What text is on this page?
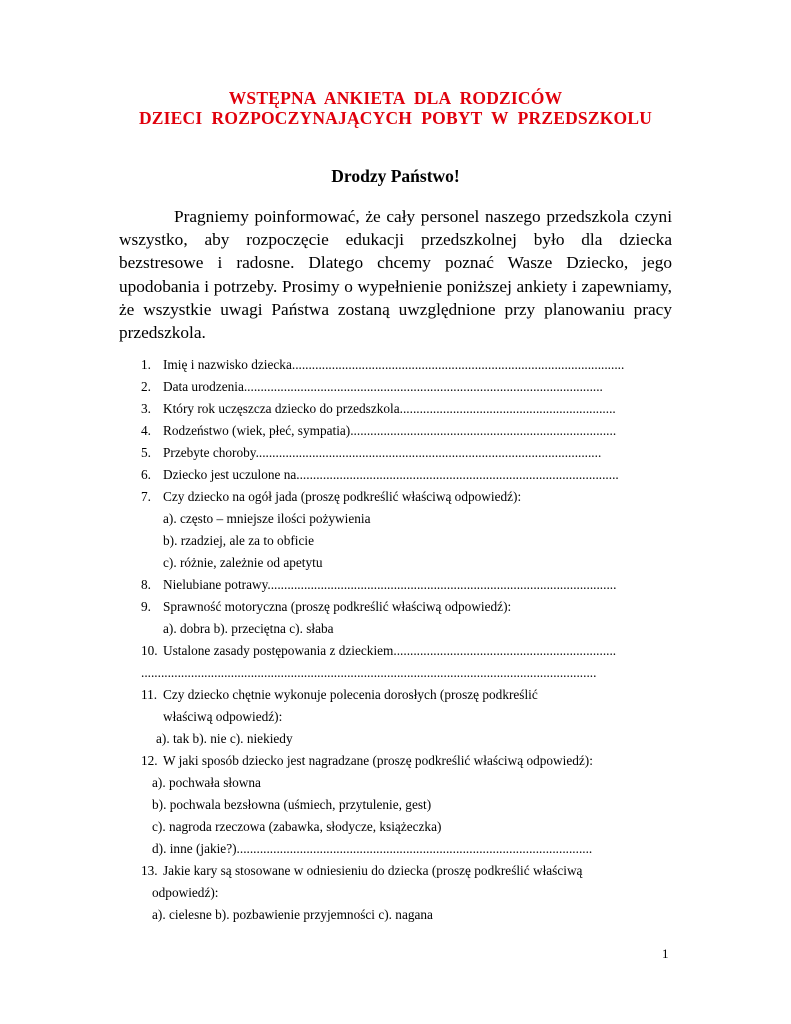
WSTĘPNA  ANKIETA  DLA  RODZICÓW
DZIECI  ROZPOCZYNAJĄCYCH  POBYT  W  PRZEDSZKOLU
Drodzy Państwo!

Pragniemy poinformować, że cały personel naszego przedszkola czyni wszystko, aby rozpoczęcie edukacji przedszkolnej było dla dziecka bezstresowe i radosne. Dlatego chcemy poznać Wasze Dziecko, jego upodobania i potrzeby. Prosimy o wypełnienie poniższej ankiety i zapewniamy, że wszystkie uwagi Państwa zostaną uwzględnione przy planowaniu pracy przedszkola.

1. Imię i nazwisko dziecka....................................................................................................
2. Data urodzenia............................................................................................................
3. Który rok uczęszcza dziecko do przedszkola.................................................................
4. Rodzeństwo (wiek, płeć, sympatia)................................................................................
5. Przebyte choroby........................................................................................................
6. Dziecko jest uczulone na.................................................................................................
7. Czy dziecko na ogół jada (proszę podkreślić właściwą odpowiedź):
a). często – mniejsze ilości pożywienia
b). rzadziej, ale za to obficie
c). różnie, zależnie od apetytu
8. Nielubiane potrawy.........................................................................................................
9. Sprawność motoryczna (proszę podkreślić właściwą odpowiedź):
a). dobra b). przeciętna c). słaba
10. Ustalone zasady postępowania z dzieckiem...................................................................
.........................................................................................................................................
11. Czy dziecko chętnie wykonuje polecenia dorosłych (proszę podkreślić
właściwą odpowiedź):
a). tak b). nie c). niekiedy
12. W jaki sposób dziecko jest nagradzane (proszę podkreślić właściwą odpowiedź):
a). pochwała słowna
b). pochwala bezsłowna (uśmiech, przytulenie, gest)
c). nagroda rzeczowa (zabawka, słodycze, książeczka)
d). inne (jakie?)...........................................................................................................
13. Jakie kary są stosowane w odniesieniu do dziecka (proszę podkreślić właściwą
odpowiedź):
a). cielesne b). pozbawienie przyjemności c). nagana
1
